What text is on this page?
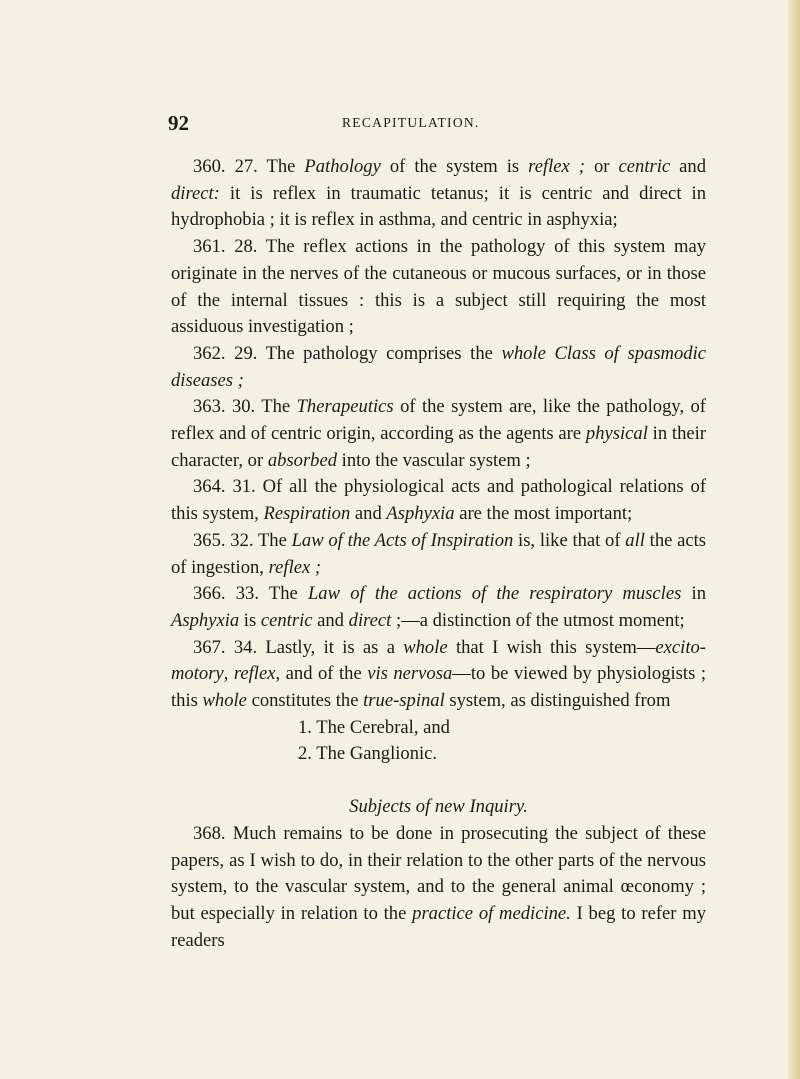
92	RECAPITULATION.

360. 27. The Pathology of the system is reflex ; or centric and direct: it is reflex in traumatic tetanus; it is centric and direct in hydrophobia ; it is reflex in asthma, and centric in asphyxia;

361. 28. The reflex actions in the pathology of this system may originate in the nerves of the cutaneous or mucous surfaces, or in those of the internal tissues : this is a subject still requiring the most assiduous investigation ;

362. 29. The pathology comprises the whole Class of spasmodic diseases ;

363. 30. The Therapeutics of the system are, like the pathology, of reflex and of centric origin, according as the agents are physical in their character, or absorbed into the vascular system ;

364. 31. Of all the physiological acts and pathological relations of this system, Respiration and Asphyxia are the most important;

365. 32. The Law of the Acts of Inspiration is, like that of all the acts of ingestion, reflex ;

366. 33. The Law of the actions of the respiratory muscles in Asphyxia is centric and direct ;—a distinction of the utmost moment;

367. 34. Lastly, it is as a whole that I wish this system—excito-motory, reflex, and of the vis nervosa—to be viewed by physiologists ; this whole constitutes the true-spinal system, as distinguished from

1. The Cerebral, and

2. The Ganglionic.

Subjects of new Inquiry.

368. Much remains to be done in prosecuting the subject of these papers, as I wish to do, in their relation to the other parts of the nervous system, to the vascular system, and to the general animal œconomy ; but especially in relation to the practice of medicine. I beg to refer my readers
